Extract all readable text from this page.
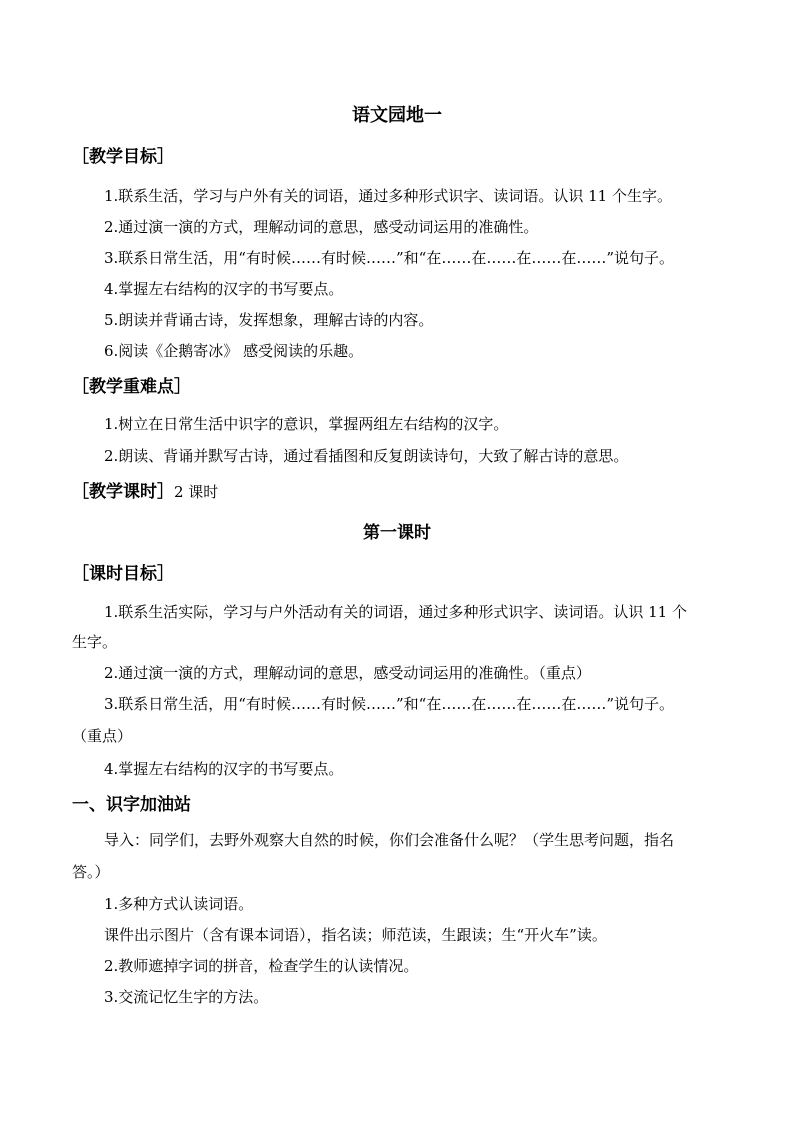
语文园地一
［教学目标］
1.联系生活，学习与户外有关的词语，通过多种形式识字、读词语。认识 11 个生字。
2.通过演一演的方式，理解动词的意思，感受动词运用的准确性。
3.联系日常生活，用“有时候……有时候……”和“在……在……在……在……”说句子。
4.掌握左右结构的汉字的书写要点。
5.朗读并背诵古诗，发挥想象，理解古诗的内容。
6.阅读《企鹅寄冰》 感受阅读的乐趣。
［教学重难点］
1.树立在日常生活中识字的意识，掌握两组左右结构的汉字。
2.朗读、背诵并默写古诗，通过看插图和反复朗读诗句，大致了解古诗的意思。
［教学课时］2 课时
第一课时
［课时目标］
1.联系生活实际，学习与户外活动有关的词语，通过多种形式识字、读词语。认识 11 个
生字。
2.通过演一演的方式，理解动词的意思，感受动词运用的准确性。（重点）
3.联系日常生活，用“有时候……有时候……”和“在……在……在……在……”说句子。
（重点）
4.掌握左右结构的汉字的书写要点。
一、识字加油站
导入：同学们，去野外观察大自然的时候，你们会准备什么呢？（学生思考问题，指名
答。）
1.多种方式认读词语。
课件出示图片（含有课本词语），指名读；师范读，生跟读；生“开火车”读。
2.教师遮掉字词的拼音，检查学生的认读情况。
3.交流记忆生字的方法。
